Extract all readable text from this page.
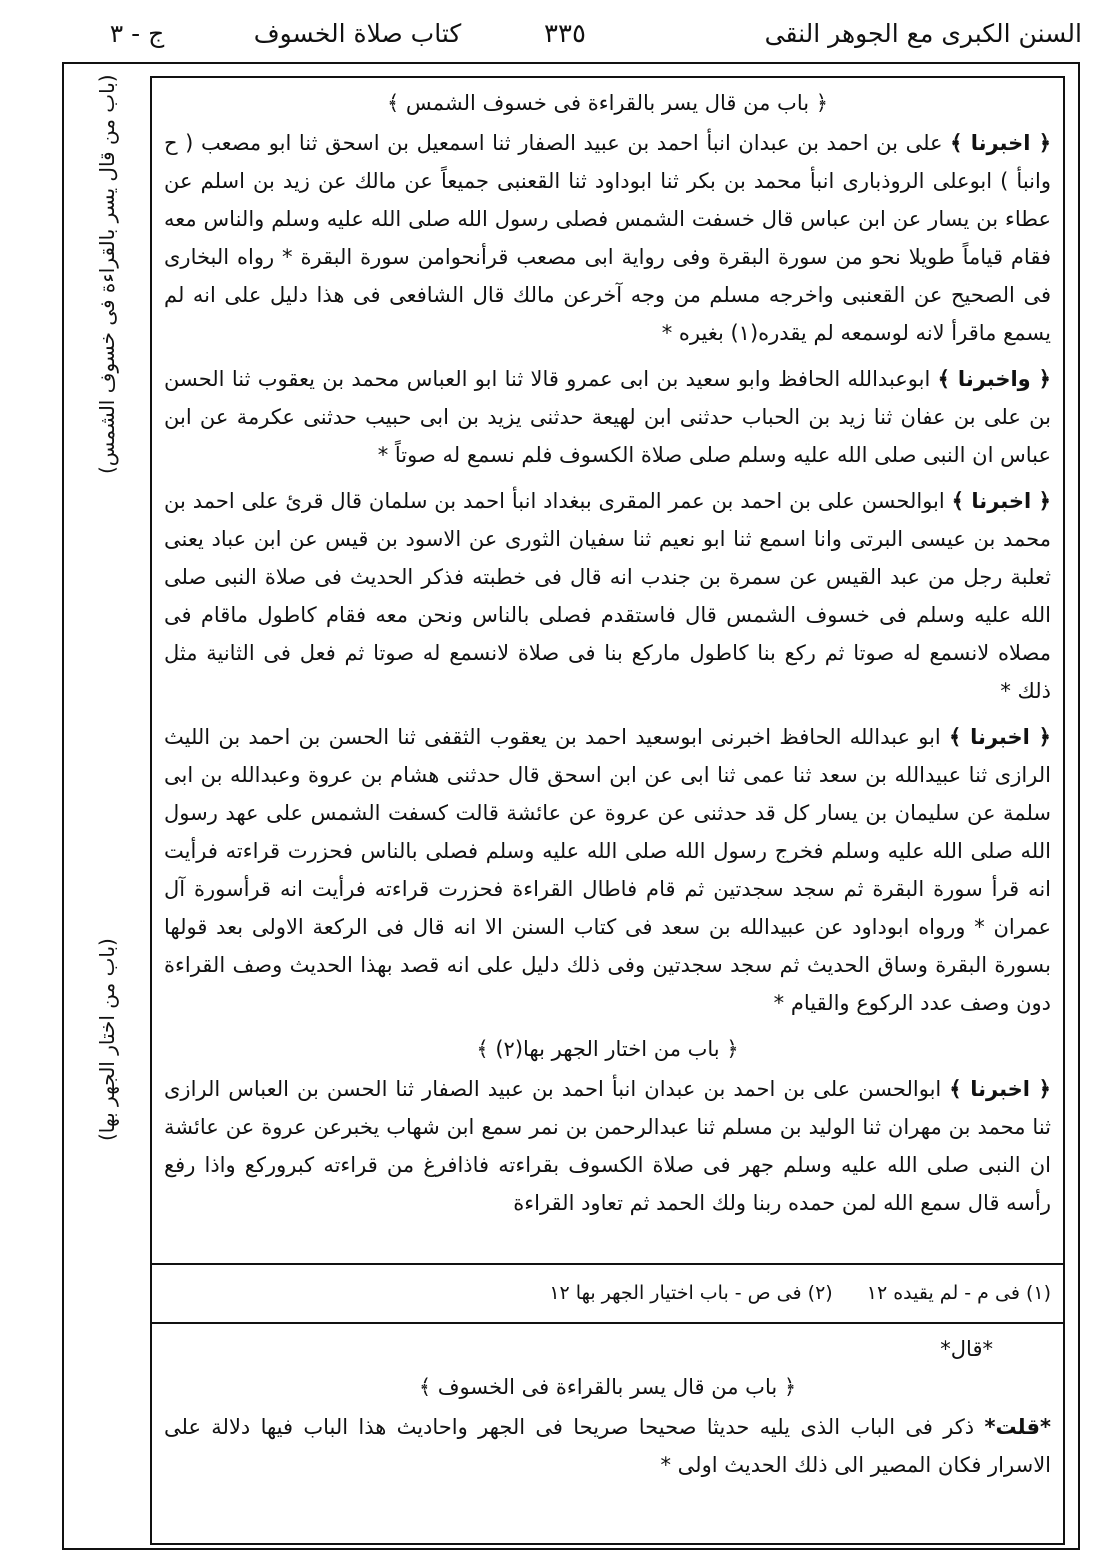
السنن الكبرى مع الجوهر النقى
٣٣٥
كتاب صلاة الخسوف
ج - ٣
(باب من قال يسر بالقراءة فى خسوف الشمس)
(باب من اختار الجهر بها)
﴿ باب من قال يسر بالقراءة فى خسوف الشمس ﴾

﴿ اخبرنا ﴾ على بن احمد بن عبدان انبأ احمد بن عبيد الصفار ثنا اسمعيل بن اسحق ثنا ابو مصعب ( ح وانبأ ) ابوعلى الروذبارى انبأ محمد بن بكر ثنا ابوداود ثنا القعنبى جميعاً عن مالك عن زيد بن اسلم عن عطاء بن يسار عن ابن عباس قال خسفت الشمس فصلى رسول الله صلى الله عليه وسلم والناس معه فقام قياماً طويلا نحو من سورة البقرة وفى رواية ابى مصعب قرأنحوامن سورة البقرة * رواه البخارى فى الصحيح عن القعنبى واخرجه مسلم من وجه آخرعن مالك قال الشافعى فى هذا دليل على انه لم يسمع ماقرأ لانه لوسمعه لم يقدره(١) بغيره *

﴿ واخبرنا ﴾ ابوعبدالله الحافظ وابو سعيد بن ابى عمرو قالا ثنا ابو العباس محمد بن يعقوب ثنا الحسن بن على بن عفان ثنا زيد بن الحباب حدثنى ابن لهيعة حدثنى يزيد بن ابى حبيب حدثنى عكرمة عن ابن عباس ان النبى صلى الله عليه وسلم صلى صلاة الكسوف فلم نسمع له صوتاً *

﴿ اخبرنا ﴾ ابوالحسن على بن احمد بن عمر المقرى ببغداد انبأ احمد بن سلمان قال قرئ على احمد بن محمد بن عيسى البرتى وانا اسمع ثنا ابو نعيم ثنا سفيان الثورى عن الاسود بن قيس عن ابن عباد يعنى ثعلبة رجل من عبد القيس عن سمرة بن جندب انه قال فى خطبته فذكر الحديث فى صلاة النبى صلى الله عليه وسلم فى خسوف الشمس قال فاستقدم فصلى بالناس ونحن معه فقام كاطول ماقام فى مصلاه لانسمع له صوتا ثم ركع بنا كاطول ماركع بنا فى صلاة لانسمع له صوتا ثم فعل فى الثانية مثل ذلك *

﴿ اخبرنا ﴾ ابو عبدالله الحافظ اخبرنى ابوسعيد احمد بن يعقوب الثقفى ثنا الحسن بن احمد بن الليث الرازى ثنا عبيدالله بن سعد ثنا عمى ثنا ابى عن ابن اسحق قال حدثنى هشام بن عروة وعبدالله بن ابى سلمة عن سليمان بن يسار كل قد حدثنى عن عروة عن عائشة قالت كسفت الشمس على عهد رسول الله صلى الله عليه وسلم فخرج رسول الله صلى الله عليه وسلم فصلى بالناس فحزرت قراءته فرأيت انه قرأ سورة البقرة ثم سجد سجدتين ثم قام فاطال القراءة فحزرت قراءته فرأيت انه قرأسورة آل عمران * ورواه ابوداود عن عبيدالله بن سعد فى كتاب السنن الا انه قال فى الركعة الاولى بعد قولها بسورة البقرة وساق الحديث ثم سجد سجدتين وفى ذلك دليل على انه قصد بهذا الحديث وصف القراءة دون وصف عدد الركوع والقيام *

﴿ باب من اختار الجهر بها(٢) ﴾

﴿ اخبرنا ﴾ ابوالحسن على بن احمد بن عبدان انبأ احمد بن عبيد الصفار ثنا الحسن بن العباس الرازى ثنا محمد بن مهران ثنا الوليد بن مسلم ثنا عبدالرحمن بن نمر سمع ابن شهاب يخبرعن عروة عن عائشة ان النبى صلى الله عليه وسلم جهر فى صلاة الكسوف بقراءته فاذافرغ من قراءته كبروركع واذا رفع رأسه قال سمع الله لمن حمده ربنا ولك الحمد ثم تعاود القراءة

(١) فى م - لم يقيده ١٢ (٢) فى ص - باب اختيار الجهر بها ١٢

*قال*

﴿ باب من قال يسر بالقراءة فى الخسوف ﴾

*قلت* ذكر فى الباب الذى يليه حديثا صحيحا صريحا فى الجهر واحاديث هذا الباب فيها دلالة على الاسرار فكان المصير الى ذلك الحديث اولى *
